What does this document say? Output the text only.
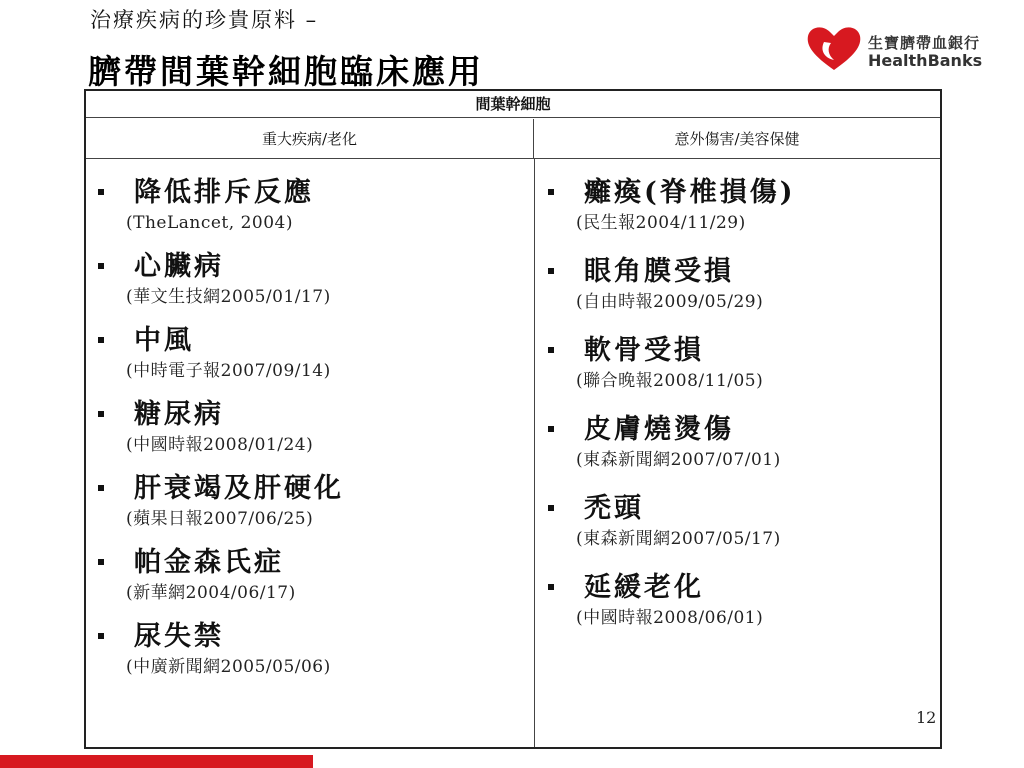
治療疾病的珍貴原料 –
臍帶間葉幹細胞臨床應用
生寶臍帶血銀行
HealthBanks
間葉幹細胞
重大疾病/老化	意外傷害/美容保健
降低排斥反應
(TheLancet, 2004)
心臟病
(華文生技網2005/01/17)
中風
(中時電子報2007/09/14)
糖尿病
(中國時報2008/01/24)
肝衰竭及肝硬化
(蘋果日報2007/06/25)
帕金森氏症
(新華網2004/06/17)
尿失禁
(中廣新聞網2005/05/06)
癱瘓(脊椎損傷)
(民生報2004/11/29)
眼角膜受損
(自由時報2009/05/29)
軟骨受損
(聯合晚報2008/11/05)
皮膚燒燙傷
(東森新聞網2007/07/01)
禿頭
(東森新聞網2007/05/17)
延緩老化
(中國時報2008/06/01)
12
